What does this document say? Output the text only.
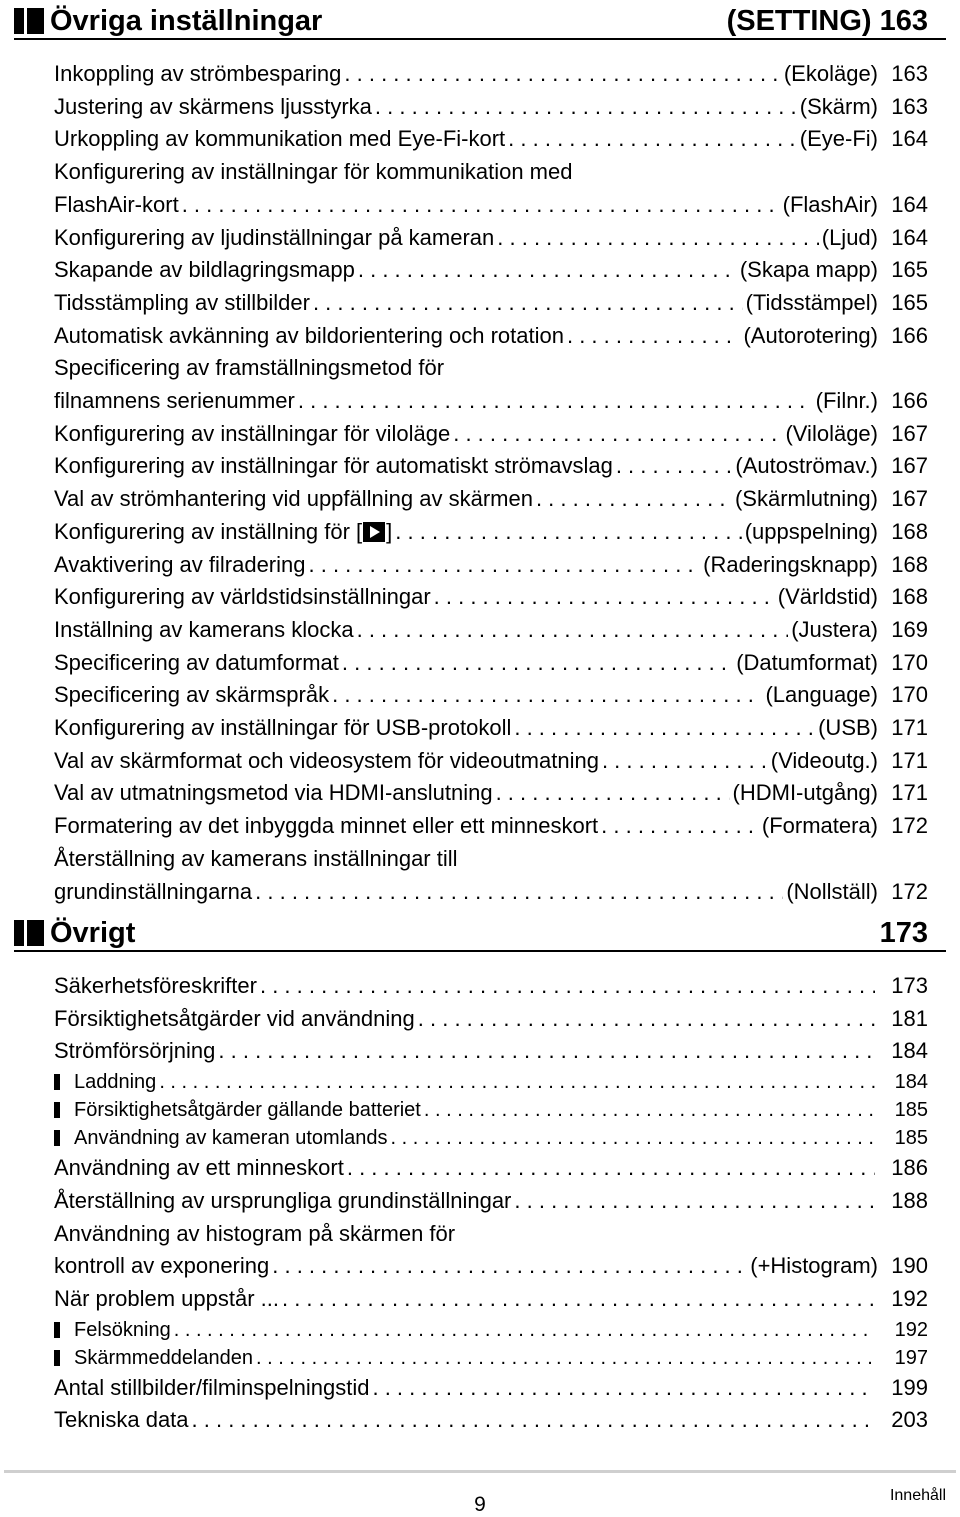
Övriga inställningar	(SETTING) 163
Inkoppling av strömbesparing . . .	(Ekoläge) 163
Justering av skärmens ljusstyrka . . .	(Skärm) 163
Urkoppling av kommunikation med Eye-Fi-kort . . .	(Eye-Fi) 164
Konfigurering av inställningar för kommunikation med
FlashAir-kort . . .	(FlashAir) 164
Konfigurering av ljudinställningar på kameran . . .	(Ljud) 164
Skapande av bildlagringsmapp . . .	(Skapa mapp) 165
Tidsstämpling av stillbilder . . .	(Tidsstämpel) 165
Automatisk avkänning av bildorientering och rotation . . .	(Autorotering) 166
Specificering av framställningsmetod för
filnamnens serienummer . . .	(Filnr.) 166
Konfigurering av inställningar för viloläge . . .	(Viloläge) 167
Konfigurering av inställningar för automatiskt strömavslag . . .	(Autoströmav.) 167
Val av strömhantering vid uppfällning av skärmen . . .	(Skärmlutning) 167
Konfigurering av inställning för [ ] . . .	(uppspelning) 168
Avaktivering av filradering . . .	(Raderingsknapp) 168
Konfigurering av världstidsinställningar . . .	(Världstid) 168
Inställning av kamerans klocka . . .	(Justera) 169
Specificering av datumformat . . .	(Datumformat) 170
Specificering av skärmspråk . . .	(Language) 170
Konfigurering av inställningar för USB-protokoll . . .	(USB) 171
Val av skärmformat och videosystem för videoutmatning . . .	(Videoutg.) 171
Val av utmatningsmetod via HDMI-anslutning . . .	(HDMI-utgång) 171
Formatering av det inbyggda minnet eller ett minneskort . . .	(Formatera) 172
Återställning av kamerans inställningar till
grundinställningarna . . .	(Nollställ) 172
Övrigt	173
Säkerhetsföreskrifter . . .	173
Försiktighetsåtgärder vid användning . . .	181
Strömförsörjning . . .	184
Laddning . . .	184
Försiktighetsåtgärder gällande batteriet . . .	185
Användning av kameran utomlands . . .	185
Användning av ett minneskort . . .	186
Återställning av ursprungliga grundinställningar . . .	188
Användning av histogram på skärmen för
kontroll av exponering . . .	(+Histogram) 190
När problem uppstår ... . . .	192
Felsökning . . .	192
Skärmmeddelanden . . .	197
Antal stillbilder/filminspelningstid . . .	199
Tekniska data . . .	203
9	Innehåll
